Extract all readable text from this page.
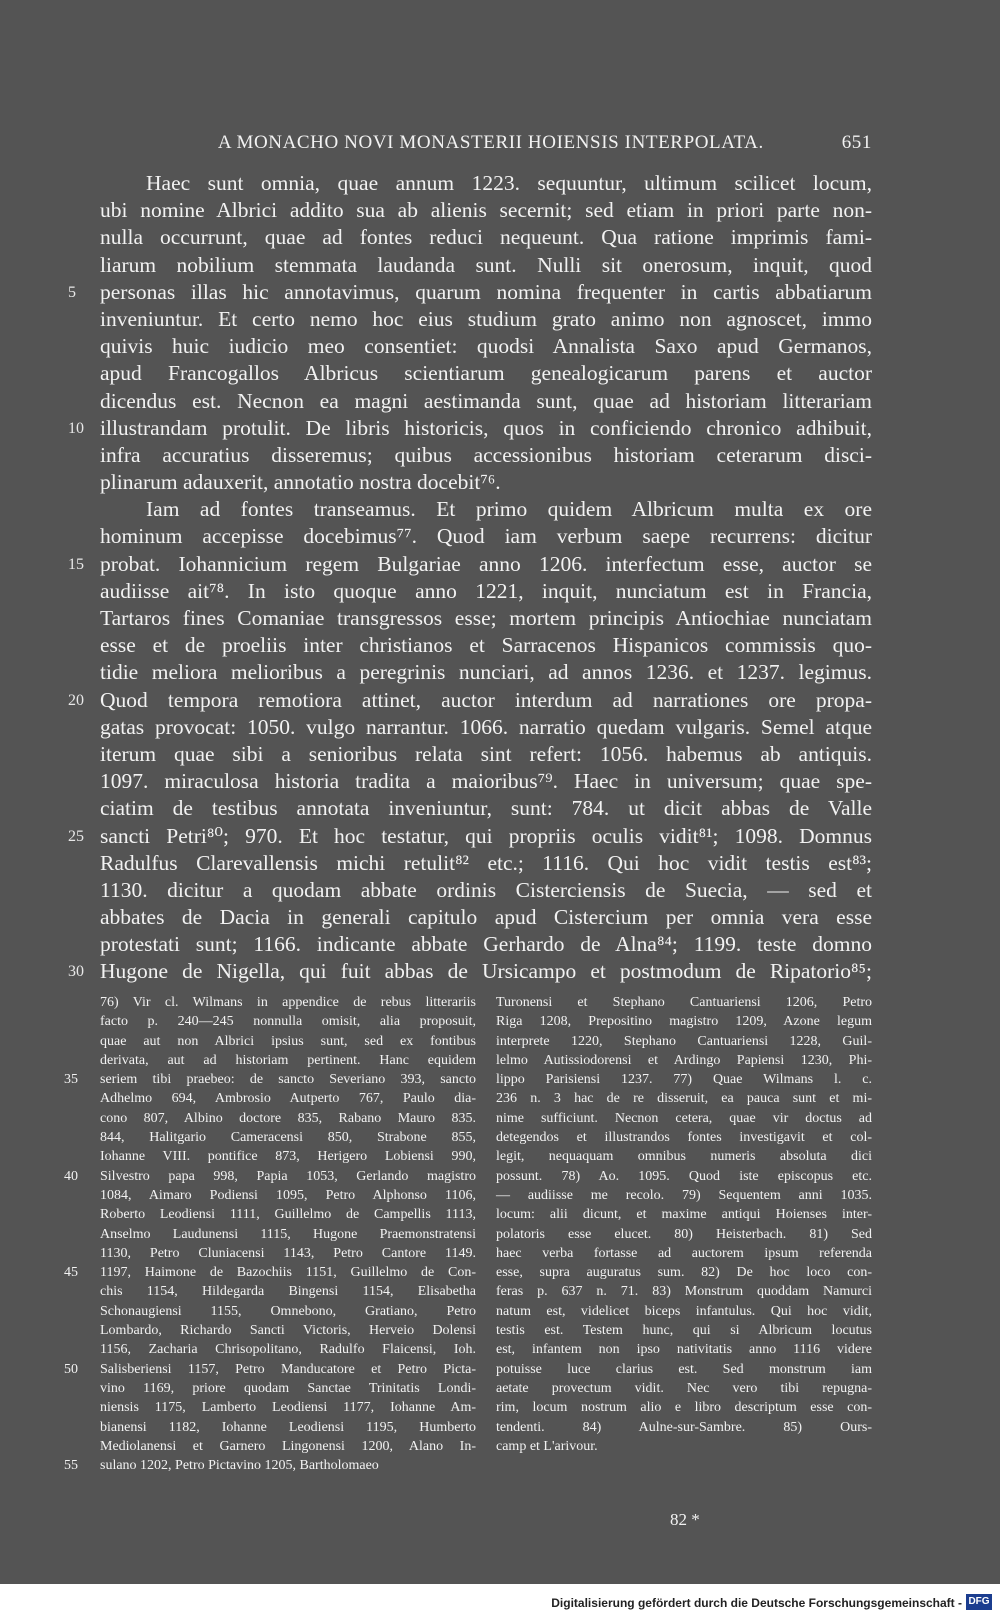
A MONACHO NOVI MONASTERII HOIENSIS INTERPOLATA.	651
Haec sunt omnia, quae annum 1223. sequuntur, ultimum scilicet locum,
ubi nomine Albrici addito sua ab alienis secernit; sed etiam in priori parte non-
nulla occurrunt, quae ad fontes reduci nequeunt. Qua ratione imprimis fami-
liarum nobilium stemmata laudanda sunt. Nulli sit onerosum, inquit, quod
personas illas hic annotavimus, quarum nomina frequenter in cartis abbatiarum
5
inveniuntur. Et certo nemo hoc eius studium grato animo non agnoscet, immo
quivis huic iudicio meo consentiet: quodsi Annalista Saxo apud Germanos,
apud Francogallos Albricus scientiarum genealogicarum parens et auctor
dicendus est. Necnon ea magni aestimanda sunt, quae ad historiam litterariam
illustrandam protulit. De libris historicis, quos in conficiendo chronico adhibuit,
10
infra accuratius disseremus; quibus accessionibus historiam ceterarum disci-
plinarum adauxerit, annotatio nostra docebit⁷⁶.
Iam ad fontes transeamus. Et primo quidem Albricum multa ex ore
hominum accepisse docebimus⁷⁷. Quod iam verbum saepe recurrens: dicitur
probat. Iohannicium regem Bulgariae anno 1206. interfectum esse, auctor se
15
audiisse ait⁷⁸. In isto quoque anno 1221, inquit, nunciatum est in Francia,
Tartaros fines Comaniae transgressos esse; mortem principis Antiochiae nunciatam
esse et de proeliis inter christianos et Sarracenos Hispanicos commissis quo-
tidie meliora melioribus a peregrinis nunciari, ad annos 1236. et 1237. legimus.
Quod tempora remotiora attinet, auctor interdum ad narrationes ore propa-
20
gatas provocat: 1050. vulgo narrantur. 1066. narratio quedam vulgaris. Semel atque
iterum quae sibi a senioribus relata sint refert: 1056. habemus ab antiquis.
1097. miraculosa historia tradita a maioribus⁷⁹. Haec in universum; quae spe-
ciatim de testibus annotata inveniuntur, sunt: 784. ut dicit abbas de Valle
sancti Petri⁸⁰; 970. Et hoc testatur, qui propriis oculis vidit⁸¹; 1098. Domnus
25
Radulfus Clarevallensis michi retulit⁸² etc.; 1116. Qui hoc vidit testis est⁸³;
1130. dicitur a quodam abbate ordinis Cisterciensis de Suecia, — sed et
abbates de Dacia in generali capitulo apud Cistercium per omnia vera esse
protestati sunt; 1166. indicante abbate Gerhardo de Alna⁸⁴; 1199. teste domno
Hugone de Nigella, qui fuit abbas de Ursicampo et postmodum de Ripatorio⁸⁵;
30
76) Vir cl. Wilmans in appendice de rebus litterariis
facto p. 240—245 nonnulla omisit, alia proposuit,
quae aut non Albrici ipsius sunt, sed ex fontibus
derivata, aut ad historiam pertinent. Hanc equidem
seriem tibi praebeo: de sancto Severiano 393, sancto
35
Adhelmo 694, Ambrosio Autperto 767, Paulo dia-
cono 807, Albino doctore 835, Rabano Mauro 835.
844, Halitgario Cameracensi 850, Strabone 855,
Iohanne VIII. pontifice 873, Herigero Lobiensi 990,
Silvestro papa 998, Papia 1053, Gerlando magistro
40
1084, Aimaro Podiensi 1095, Petro Alphonso 1106,
Roberto Leodiensi 1111, Guillelmo de Campellis 1113,
Anselmo Laudunensi 1115, Hugone Praemonstratensi
1130, Petro Cluniacensi 1143, Petro Cantore 1149.
1197, Haimone de Bazochiis 1151, Guillelmo de Con-
45
chis 1154, Hildegarda Bingensi 1154, Elisabetha
Schonaugiensi 1155, Omnebono, Gratiano, Petro
Lombardo, Richardo Sancti Victoris, Herveio Dolensi
1156, Zacharia Chrisopolitano, Radulfo Flaicensi, Ioh.
Salisberiensi 1157, Petro Manducatore et Petro Picta-
50
vino 1169, priore quodam Sanctae Trinitatis Londi-
niensis 1175, Lamberto Leodiensi 1177, Iohanne Am-
bianensi 1182, Iohanne Leodiensi 1195, Humberto
Mediolanensi et Garnero Lingonensi 1200, Alano In-
sulano 1202, Petro Pictavino 1205, Bartholomaeo
55
Turonensi et Stephano Cantuariensi 1206, Petro
Riga 1208, Prepositino magistro 1209, Azone legum
interprete 1220, Stephano Cantuariensi 1228, Guil-
lelmo Autissiodorensi et Ardingo Papiensi 1230, Phi-
lippo Parisiensi 1237. 77) Quae Wilmans l. c.
236 n. 3 hac de re disseruit, ea pauca sunt et mi-
nime sufficiunt. Necnon cetera, quae vir doctus ad
detegendos et illustrandos fontes investigavit et col-
legit, nequaquam omnibus numeris absoluta dici
possunt. 78) Ao. 1095. Quod iste episcopus etc.
— audiisse me recolo. 79) Sequentem anni 1035.
locum: alii dicunt, et maxime antiqui Hoienses inter-
polatoris esse elucet. 80) Heisterbach. 81) Sed
haec verba fortasse ad auctorem ipsum referenda
esse, supra auguratus sum. 82) De hoc loco con-
feras p. 637 n. 71. 83) Monstrum quoddam Namurci
natum est, videlicet biceps infantulus. Qui hoc vidit,
testis est. Testem hunc, qui si Albricum locutus
est, infantem non ipso nativitatis anno 1116 videre
potuisse luce clarius est. Sed monstrum iam
aetate provectum vidit. Nec vero tibi repugna-
rim, locum nostrum alio e libro descriptum esse con-
tendenti. 84) Aulne-sur-Sambre. 85) Ours-
camp et L'arivour.
82 *
Digitalisierung gefördert durch die Deutsche Forschungsgemeinschaft - DFG
